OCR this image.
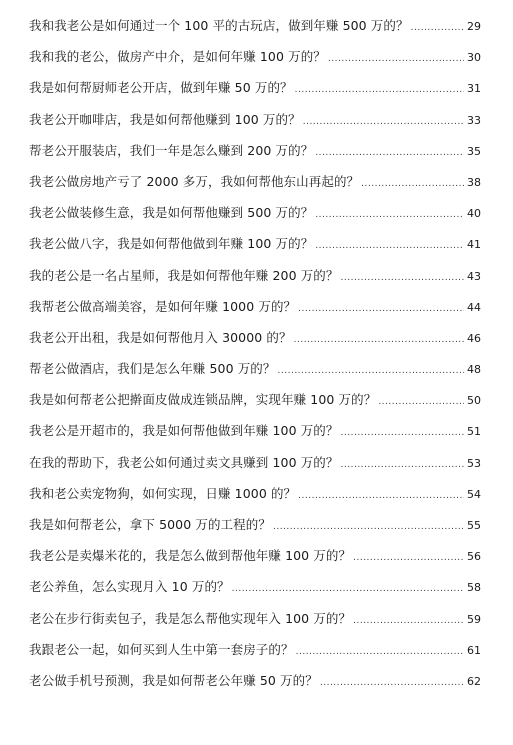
我和我老公是如何通过一个 100 平的古玩店，做到年赚 500 万的？ .....	29
我和我的老公，做房产中介，是如何年赚 100 万的？ .....	30
我是如何帮厨师老公开店，做到年赚 50 万的？ .....	31
我老公开咖啡店，我是如何帮他赚到 100 万的？ .....	33
帮老公开服装店，我们一年是怎么赚到 200 万的？ .....	35
我老公做房地产亏了 2000 多万，我如何帮他东山再起的？ .....	38
我老公做装修生意，我是如何帮他赚到 500 万的？ .....	40
我老公做八字，我是如何帮他做到年赚 100 万的？ .....	41
我的老公是一名占星师，我是如何帮他年赚 200 万的？ .....	43
我帮老公做高端美容，是如何年赚 1000 万的？ .....	44
我老公开出租，我是如何帮他月入 30000 的？ .....	46
帮老公做酒店，我们是怎么年赚 500 万的？ .....	48
我是如何帮老公把擀面皮做成连锁品牌，实现年赚 100 万的？ .....	50
我老公是开超市的，我是如何帮他做到年赚 100 万的？ .....	51
在我的帮助下，我老公如何通过卖文具赚到 100 万的？ .....	53
我和老公卖宠物狗，如何实现，日赚 1000 的？ .....	54
我是如何帮老公，拿下 5000 万的工程的？ .....	55
我老公是卖爆米花的，我是怎么做到帮他年赚 100 万的？ .....	56
老公养鱼，怎么实现月入 10 万的？ .....	58
老公在步行街卖包子，我是怎么帮他实现年入 100 万的？ .....	59
我跟老公一起，如何买到人生中第一套房子的？ .....	61
老公做手机号预测，我是如何帮老公年赚 50 万的？ .....	62
